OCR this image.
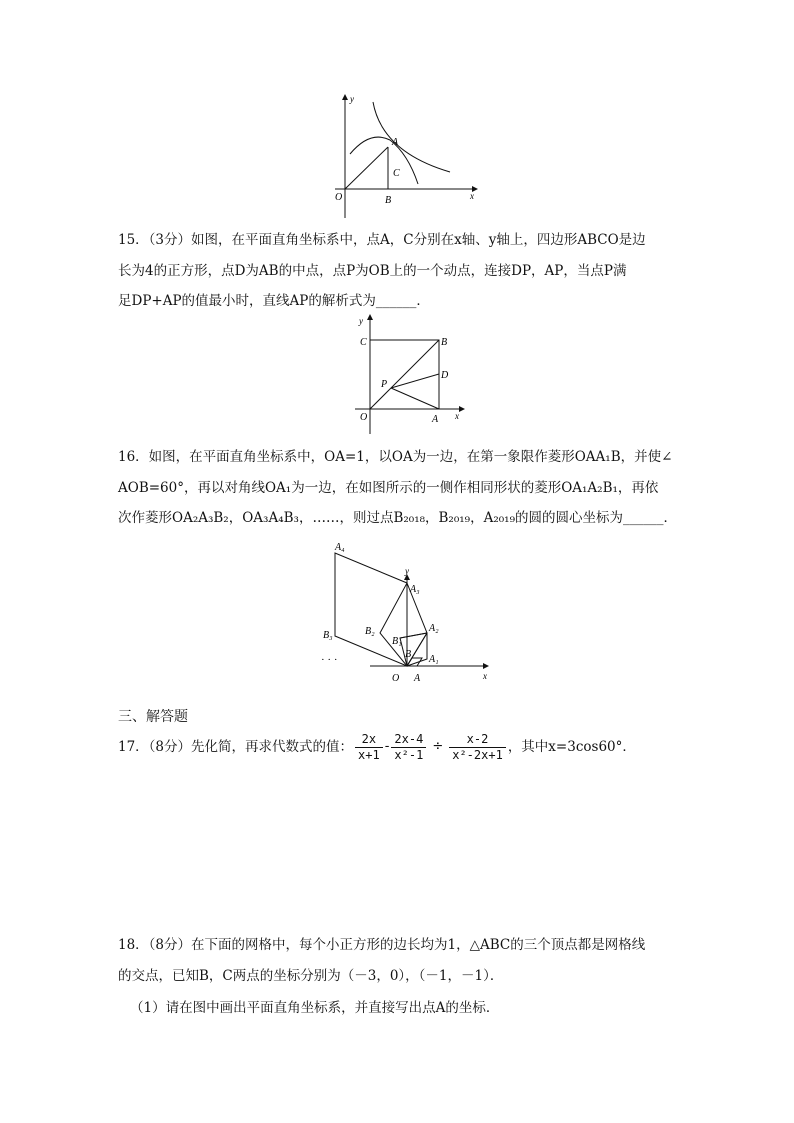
y
x
O
A
B
C
15．（3分）如图，在平面直角坐标系中，点A，C分别在x轴、y轴上，四边形ABCO是边
长为4的正方形，点D为AB的中点，点P为OB上的一个动点，连接DP，AP，当点P满
足DP+AP的值最小时，直线AP的解析式为______．
y
x
O	A
B
C
D
P
16．如图，在平面直角坐标系中，OA=1，以OA为一边，在第一象限作菱形OAA₁B，并使∠
AOB=60°，再以对角线OA₁为一边，在如图所示的一侧作相同形状的菱形OA₁A₂B₁，再依
次作菱形OA₂A₃B₂，OA₃A₄B₃，……，则过点B₂₀₁₈，B₂₀₁₉，A₂₀₁₉的圆的圆心坐标为______．
A₄
A₃
A₂
A₁
B₃	B₂
B₁
B
O A	x
y
· · ·
三、解答题
17．（8分）先化简，再求代数式的值： $\frac{2x}{x+1} - \frac{2x-4}{\text{x²-1}} \div \frac{x-2}{\text{x²-2x+1}}$ ，其中x=3cos60°．
18．（8分）在下面的网格中，每个小正方形的边长均为1，△ABC的三个顶点都是网格线
的交点，已知B，C两点的坐标分别为（－3，0），（－1，－1）．
（1）请在图中画出平面直角坐标系，并直接写出点A的坐标．
